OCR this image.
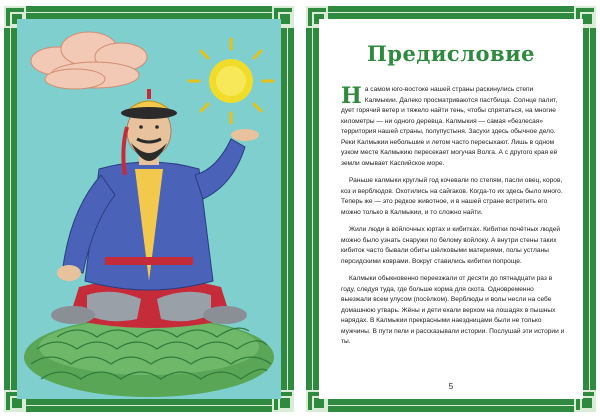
Предисловие

На самом юго-востоке нашей страны раскинулись степи Калмыкии. Далеко просматриваются пастбища. Солнце палит, дует горячий ветер и тяжело найти тень, чтобы спрятаться, на многие километры — ни одного деревца. Калмыкия — самая «безлесая» территория нашей страны, полупустыня. Засухи здесь обычное дело. Реки Калмыкии небольшие и летом часто пересыхают. Лишь в одном узком месте Калмыкию пересекает могучая Волга. А с другого края её земли омывает Каспийское море.

Раньше калмыки круглый год кочевали по степям, пасли овец, коров, коз и верблюдов. Охотились на сайгаков. Когда-то их здесь было много. Теперь же — это редкое животное, и в нашей стране встретить его можно только в Калмыкии, и то сложно найти.

Жили люди в войлочных юртах и кибитках. Кибитки почётных людей можно было узнать снаружи по белому войлоку. А внутри стены таких кибиток часто бывали обиты шёлковыми материями, полы устланы персидскими коврами. Вокруг ставились кибитки попроще.

Калмыки обыкновенно переезжали от десяти до пятнадцати раз в году, следуя туда, где больше корма для скота. Одновременно выезжали всем улусом (посёлком). Верблюды и волы несли на себе домашнюю утварь. Жёны и дети ехали верхом на лошадях в пышных нарядах. В Калмыкии прекрасными наездницами были не только мужчины. В пути пели и рассказывали истории. Послушай эти истории и ты.

5
